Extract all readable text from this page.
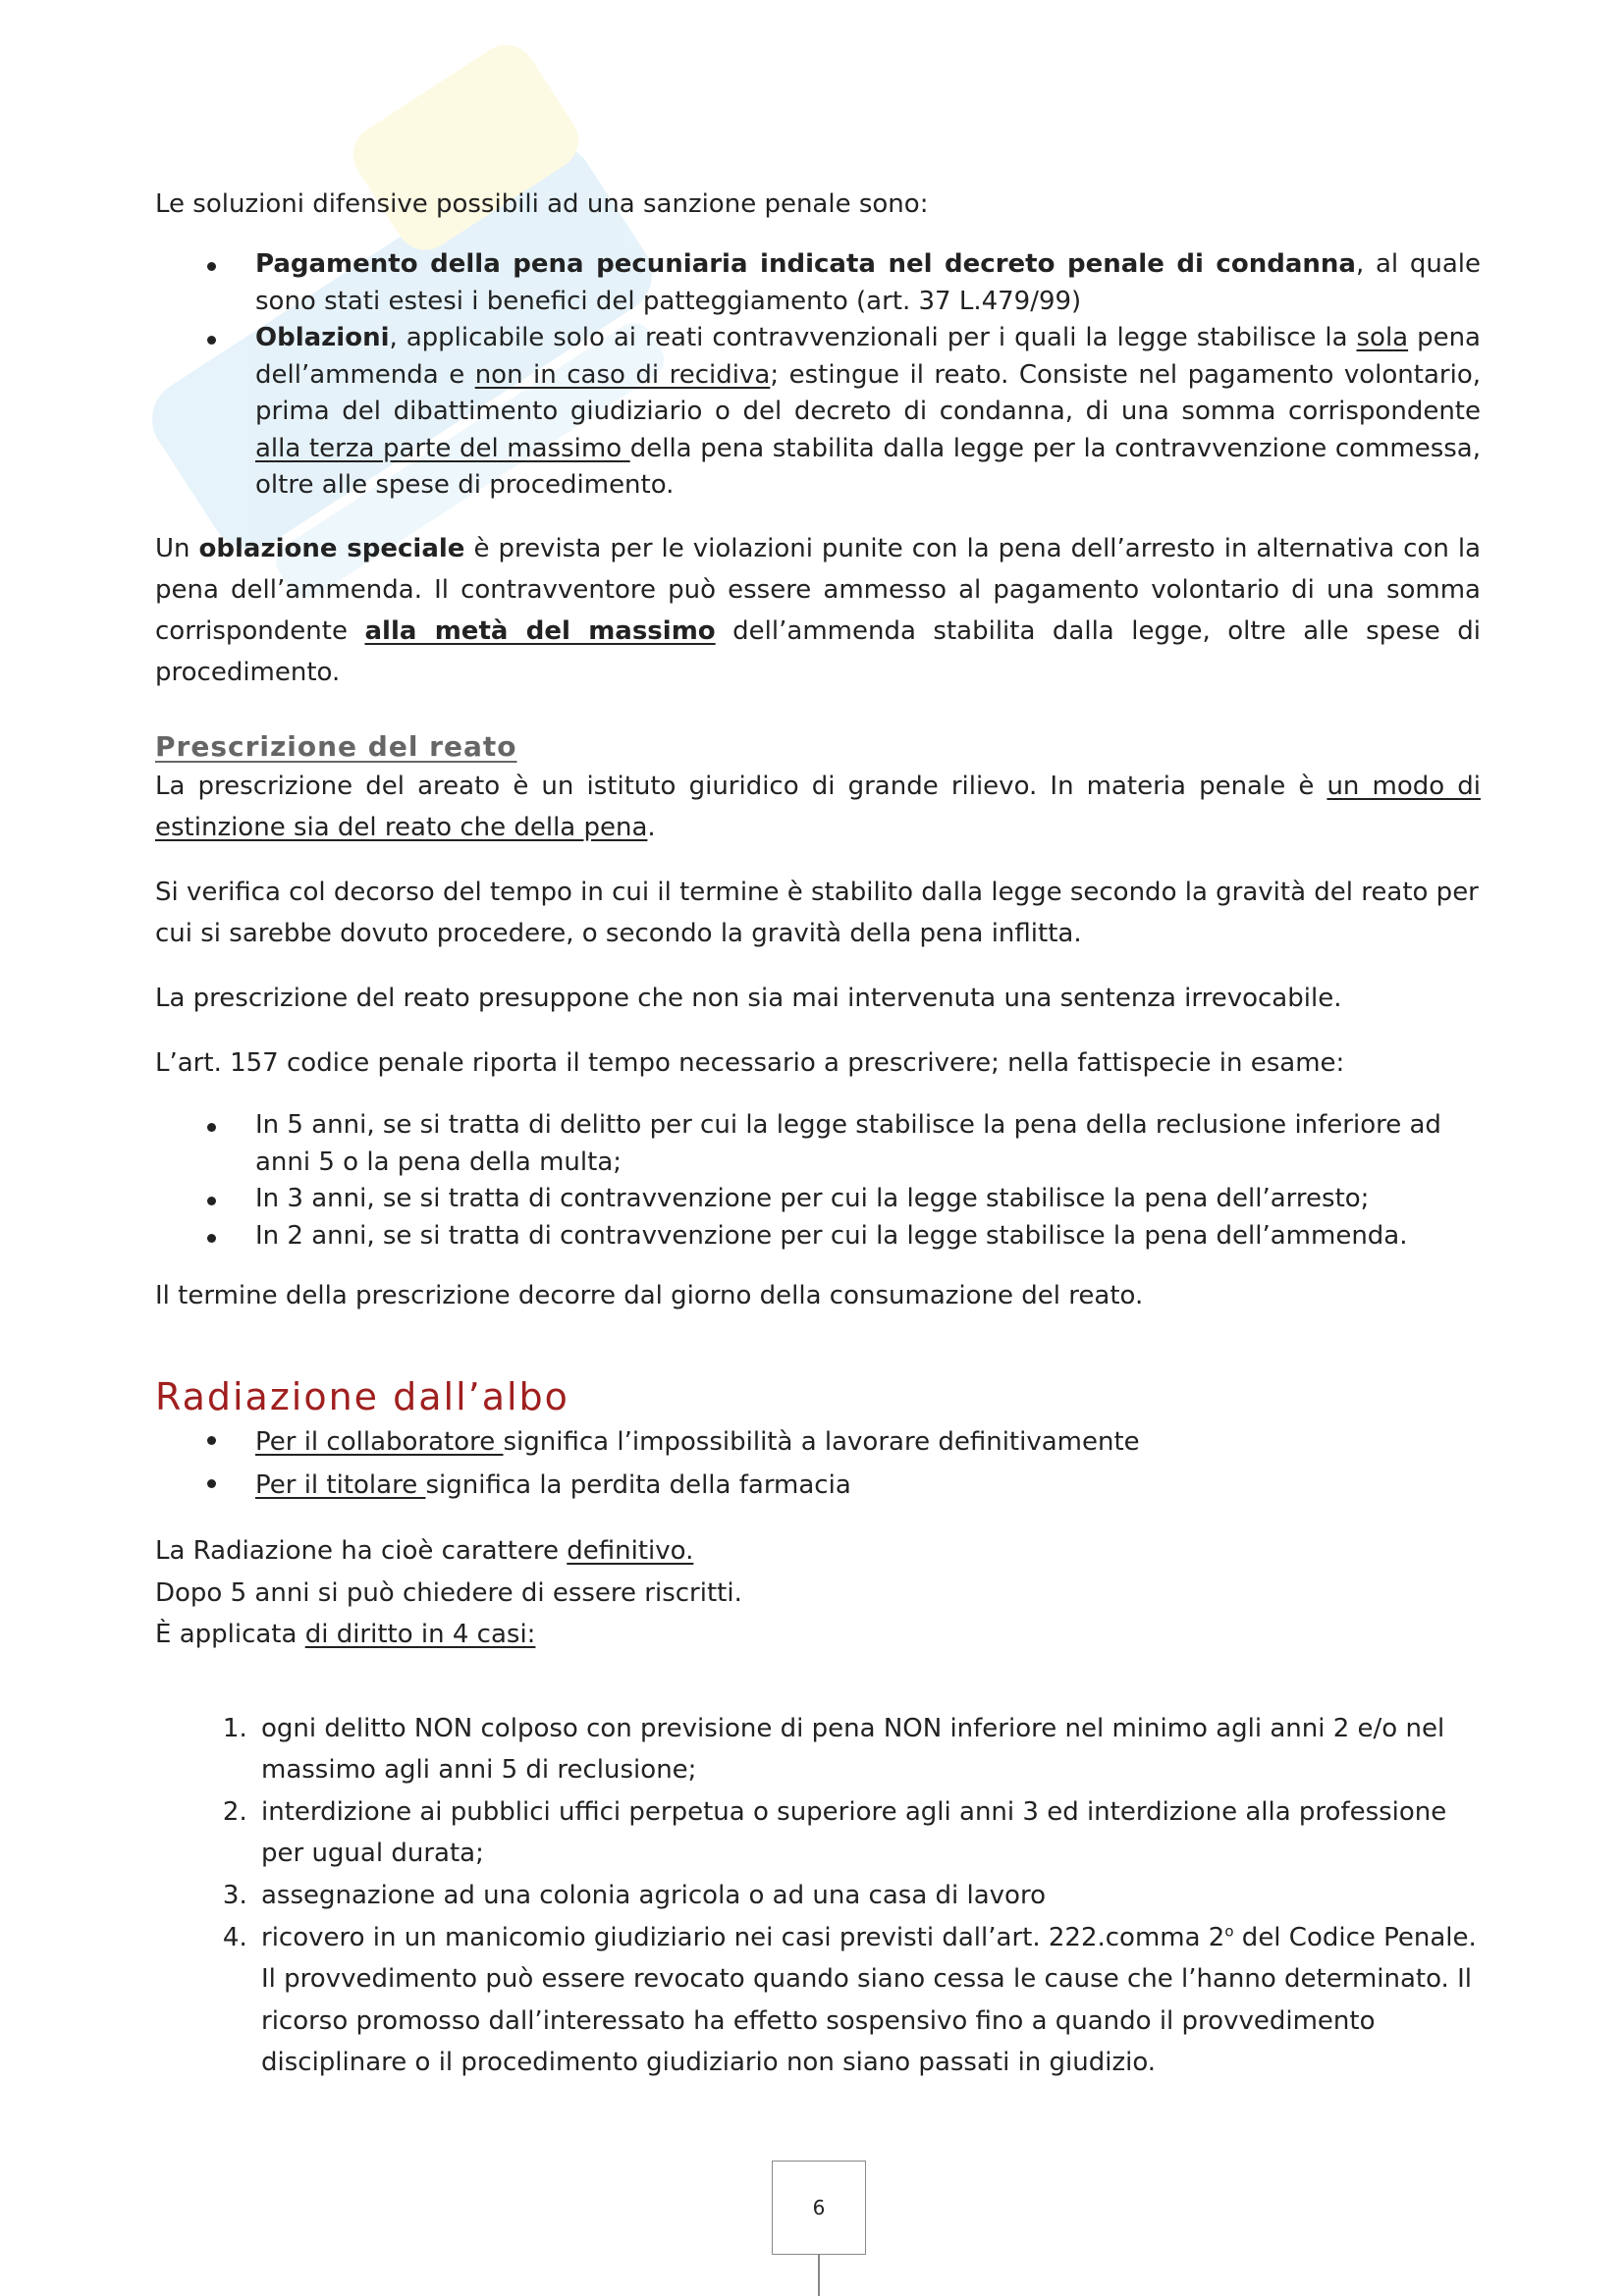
Le soluzioni difensive possibili ad una sanzione penale sono:

Pagamento della pena pecuniaria indicata nel decreto penale di condanna, al quale sono stati estesi i benefici del patteggiamento (art. 37 L.479/99)
Oblazioni, applicabile solo ai reati contravvenzionali per i quali la legge stabilisce la sola pena dell’ammenda e non in caso di recidiva; estingue il reato. Consiste nel pagamento volontario, prima del dibattimento giudiziario o del decreto di condanna, di una somma corrispondente alla terza parte del massimo della pena stabilita dalla legge per la contravvenzione commessa, oltre alle spese di procedimento.

Un oblazione speciale è prevista per le violazioni punite con la pena dell’arresto in alternativa con la pena dell’ammenda. Il contravventore può essere ammesso al pagamento volontario di una somma corrispondente alla metà del massimo dell’ammenda stabilita dalla legge, oltre alle spese di procedimento.

Prescrizione del reato

La prescrizione del areato è un istituto giuridico di grande rilievo. In materia penale è un modo di estinzione sia del reato che della pena.

Si verifica col decorso del tempo in cui il termine è stabilito dalla legge secondo la gravità del reato per cui si sarebbe dovuto procedere, o secondo la gravità della pena inflitta.

La prescrizione del reato presuppone che non sia mai intervenuta una sentenza irrevocabile.

L’art. 157 codice penale riporta il tempo necessario a prescrivere; nella fattispecie in esame:

In 5 anni, se si tratta di delitto per cui la legge stabilisce la pena della reclusione inferiore ad anni 5 o la pena della multa;
In 3 anni, se si tratta di contravvenzione per cui la legge stabilisce la pena dell’arresto;
In 2 anni, se si tratta di contravvenzione per cui la legge stabilisce la pena dell’ammenda.

Il termine della prescrizione decorre dal giorno della consumazione del reato.

Radiazione dall’albo
Per il collaboratore significa l’impossibilità a lavorare definitivamente
Per il titolare significa la perdita della farmacia

La Radiazione ha cioè carattere definitivo.
Dopo 5 anni si può chiedere di essere riscritti.
È applicata di diritto in 4 casi:

1. ogni delitto NON colposo con previsione di pena NON inferiore nel minimo agli anni 2 e/o nel massimo agli anni 5 di reclusione;
2. interdizione ai pubblici uffici perpetua o superiore agli anni 3 ed interdizione alla professione per ugual durata;
3. assegnazione ad una colonia agricola o ad una casa di lavoro
4. ricovero in un manicomio giudiziario nei casi previsti dall’art. 222.comma 2$^o$ del Codice Penale. Il provvedimento può essere revocato quando siano cessa le cause che l’hanno determinato. Il ricorso promosso dall’interessato ha effetto sospensivo fino a quando il provvedimento disciplinare o il procedimento giudiziario non siano passati in giudizio.
6
